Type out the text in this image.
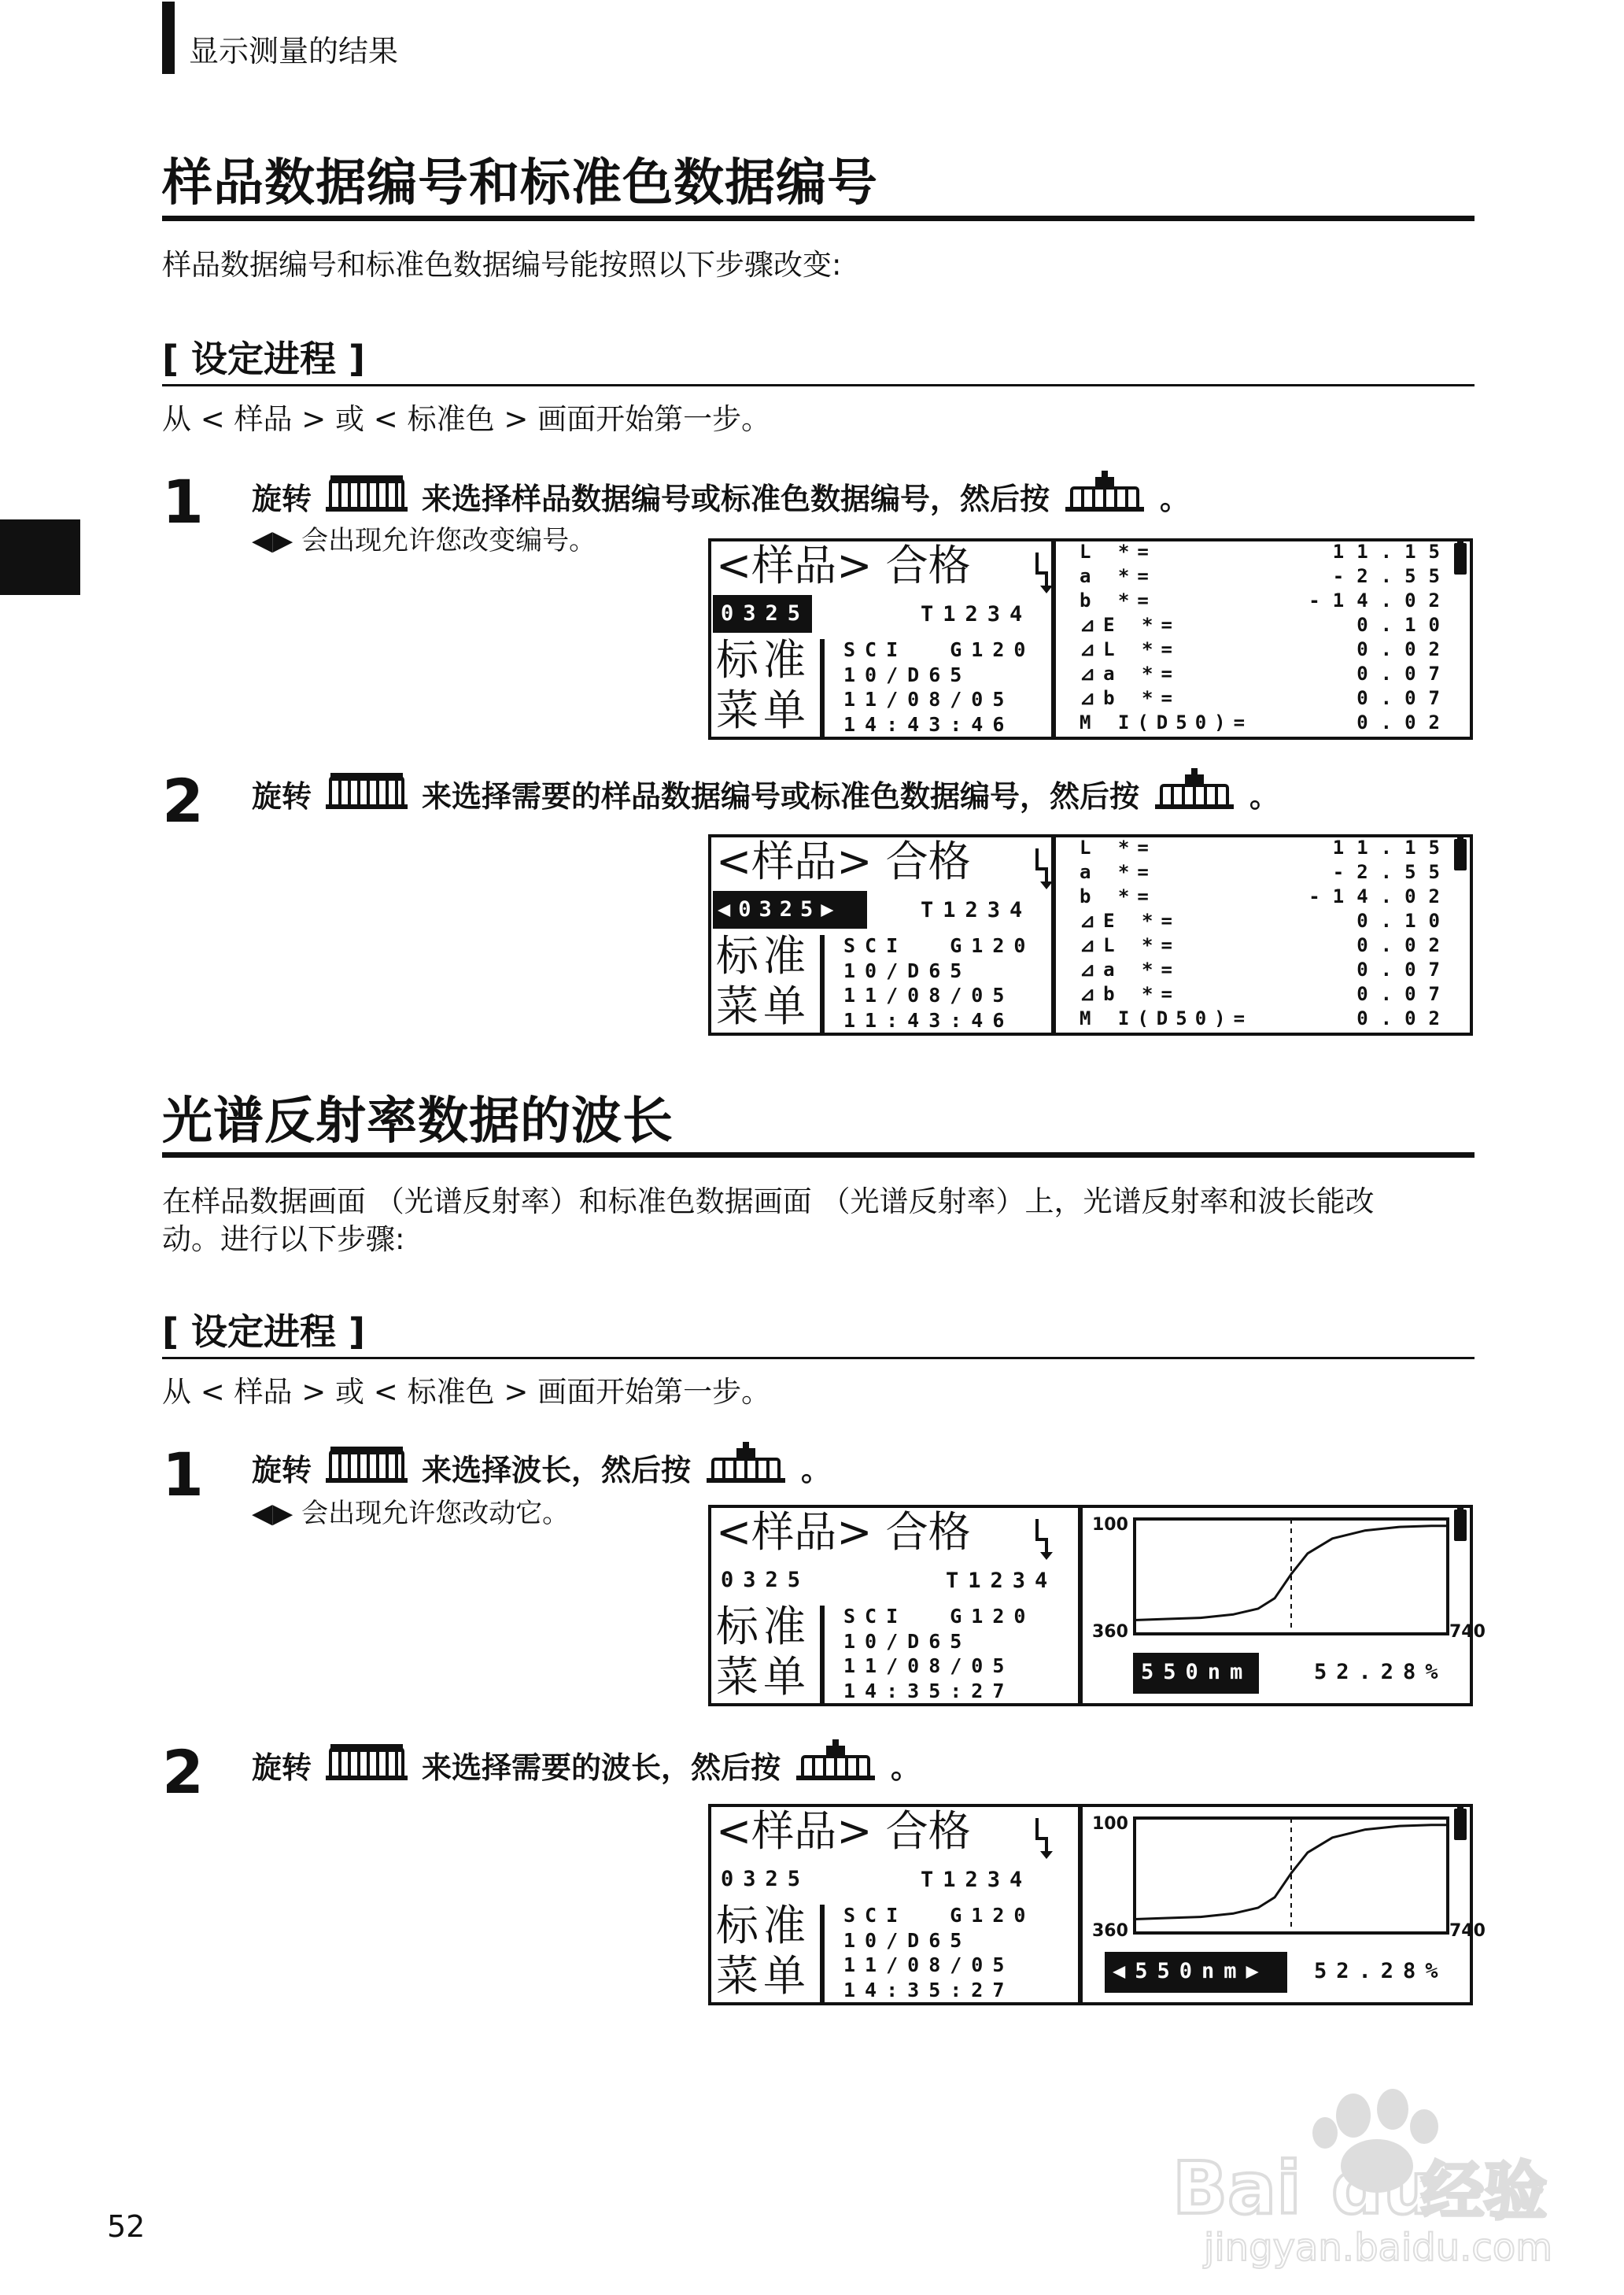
显示测量的结果
样品数据编号和标准色数据编号
样品数据编号和标准色数据编号能按照以下步骤改变:
[ 设定进程 ]
从 < 样品 > 或 < 标准色 > 画面开始第一步。
1 旋转	来选择样品数据编号或标准色数据编号，然后按	。
◀▶ 会出现允许您改变编号。	<样品> 合格
0325	T1234
标准
菜单
SCI  G120
10/D65
11/08/05
14:43:46
L *=	11.15
a *=	-2.55
b *=	-14.02
⊿E *=	0.10
⊿L *=	0.02
⊿a *=	0.07
⊿b *=	0.07
M I(D50)=	0.02
2 旋转	来选择需要的样品数据编号或标准色数据编号，然后按	。
<样品> 合格
◀0325▶	T1234
标准
菜单
SCI  G120
10/D65
11/08/05
11:43:46
L *=	11.15
a *=	-2.55
b *=	-14.02
⊿E *=	0.10
⊿L *=	0.02
⊿a *=	0.07
⊿b *=	0.07
M I(D50)=	0.02
光谱反射率数据的波长
在样品数据画面 （光谱反射率）和标准色数据画面 （光谱反射率）上，光谱反射率和波长能改
动。进行以下步骤:
[ 设定进程 ]
从 < 样品 > 或 < 标准色 > 画面开始第一步。
1 旋转	来选择波长，然后按	。
◀▶ 会出现允许您改动它。	<样品> 合格
0325	T1234
标准
菜单
SCI  G120
10/D65
11/08/05
14:35:27
100
360	740
550nm	52.28%
2 旋转	来选择需要的波长，然后按	。
<样品> 合格
0325	T1234
标准
菜单
SCI  G120
10/D65
11/08/05
14:35:27
100
360	740
◀550nm▶	52.28%
52	Bai du
经验
jingyan.baidu.com
